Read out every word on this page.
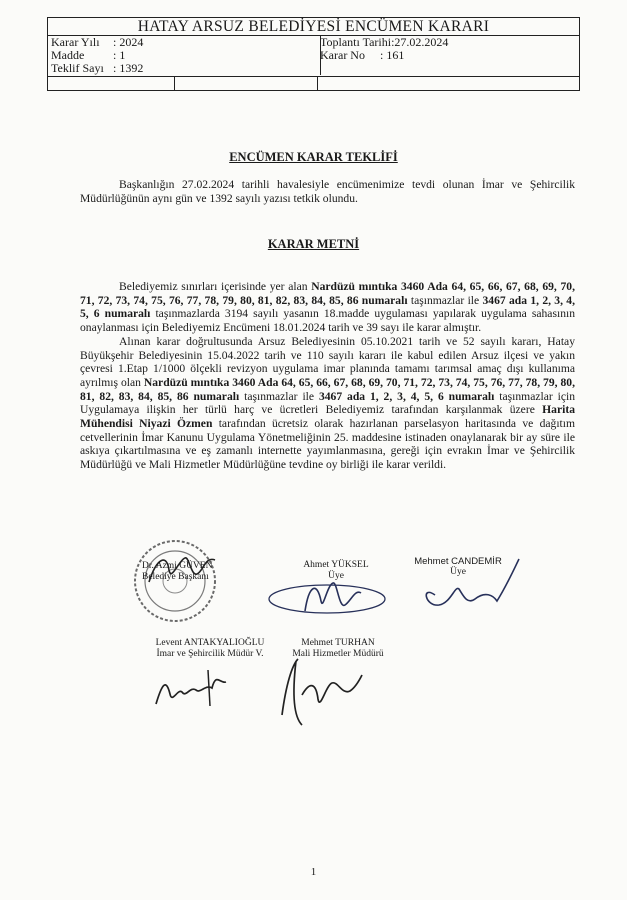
HATAY ARSUZ BELEDİYESİ ENCÜMEN KARARI
Karar Yılı	: 2024
Madde	: 1
Teklif Sayı : 1392
Toplantı Tarihi:27.02.2024
Karar No	: 161
ENCÜMEN KARAR TEKLİFİ

Başkanlığın 27.02.2024 tarihli havalesiyle encümenimize tevdi olunan İmar ve Şehircilik Müdürlüğünün aynı gün ve 1392 sayılı yazısı tetkik olundu.

KARAR METNİ

Belediyemiz sınırları içerisinde yer alan Nardüzü mıntıka 3460 Ada 64, 65, 66, 67, 68, 69, 70, 71, 72, 73, 74, 75, 76, 77, 78, 79, 80, 81, 82, 83, 84, 85, 86 numaralı taşınmazlar ile 3467 ada 1, 2, 3, 4, 5, 6 numaralı taşınmazlarda 3194 sayılı yasanın 18.madde uygulaması yapılarak uygulama sahasının onaylanması için Belediyemiz Encümeni 18.01.2024 tarih ve 39 sayı ile karar almıştır.

Alınan karar doğrultusunda Arsuz Belediyesinin 05.10.2021 tarih ve 52 sayılı kararı, Hatay Büyükşehir Belediyesinin 15.04.2022 tarih ve 110 sayılı kararı ile kabul edilen Arsuz ilçesi ve yakın çevresi 1.Etap 1/1000 ölçekli revizyon uygulama imar planında tamamı tarımsal amaç dışı kullanıma ayrılmış olan Nardüzü mıntıka 3460 Ada 64, 65, 66, 67, 68, 69, 70, 71, 72, 73, 74, 75, 76, 77, 78, 79, 80, 81, 82, 83, 84, 85, 86 numaralı taşınmazlar ile 3467 ada 1, 2, 3, 4, 5, 6 numaralı taşınmazlar için Uygulamaya ilişkin her türlü harç ve ücretleri Belediyemiz tarafından karşılanmak üzere Harita Mühendisi Niyazi Özmen tarafından ücretsiz olarak hazırlanan parselasyon haritasında ve dağıtım cetvellerinin İmar Kanunu Uygulama Yönetmeliğinin 25. maddesine istinaden onaylanarak bir ay süre ile askıya çıkartılmasına ve eş zamanlı internette yayımlanmasına, gereği için evrakın İmar ve Şehircilik Müdürlüğü ve Mali Hizmetler Müdürlüğüne tevdine oy birliği ile karar verildi.

Dr. Azmi GÜVEN
Belediye Başkanı
Ahmet YÜKSEL
Üye
Mehmet CANDEMİR
Üye
Levent ANTAKYALIOĞLU
İmar ve Şehircilik Müdür V.
Mehmet TURHAN
Mali Hizmetler Müdürü
1
